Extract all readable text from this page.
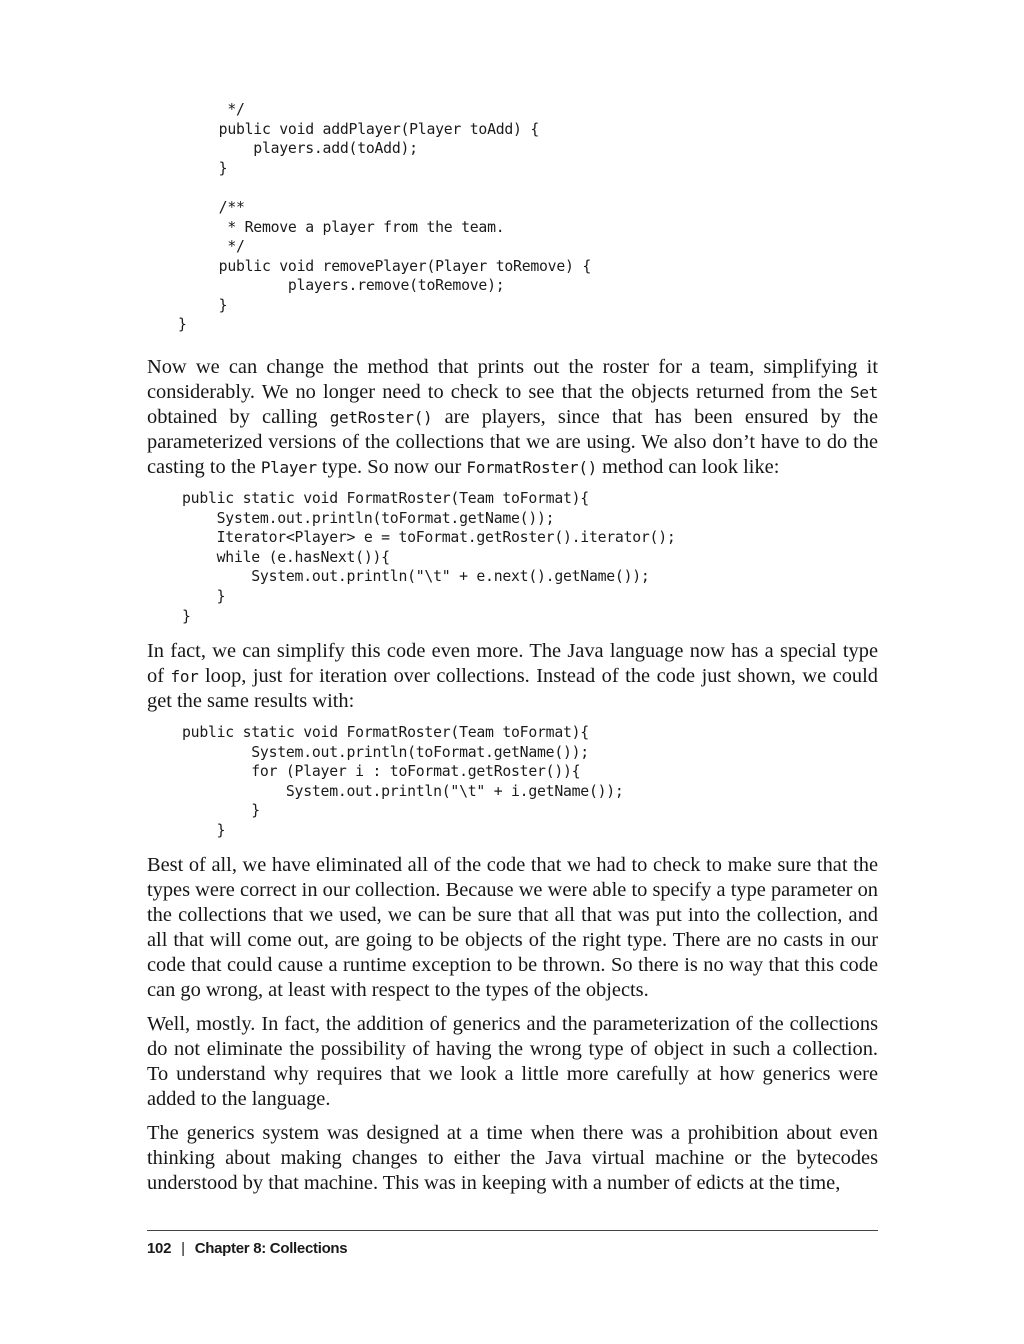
*/
public void addPlayer(Player toAdd) {
players.add(toAdd);
}
/**
* Remove a player from the team.
*/
public void removePlayer(Player toRemove) {
players.remove(toRemove);
}
}

Now we can change the method that prints out the roster for a team, simplifying it considerably. We no longer need to check to see that the objects returned from the Set obtained by calling getRoster() are players, since that has been ensured by the parameterized versions of the collections that we are using. We also don’t have to do the casting to the Player type. So now our FormatRoster() method can look like:

public static void FormatRoster(Team toFormat){
System.out.println(toFormat.getName());
Iterator<Player> e = toFormat.getRoster().iterator();
while (e.hasNext()){
System.out.println("\t" + e.next().getName());
}
}

In fact, we can simplify this code even more. The Java language now has a special type of for loop, just for iteration over collections. Instead of the code just shown, we could get the same results with:

public static void FormatRoster(Team toFormat){
System.out.println(toFormat.getName());
for (Player i : toFormat.getRoster()){
System.out.println("\t" + i.getName());
}
}

Best of all, we have eliminated all of the code that we had to check to make sure that the types were correct in our collection. Because we were able to specify a type parameter on the collections that we used, we can be sure that all that was put into the collection, and all that will come out, are going to be objects of the right type. There are no casts in our code that could cause a runtime exception to be thrown. So there is no way that this code can go wrong, at least with respect to the types of the objects.

Well, mostly. In fact, the addition of generics and the parameterization of the collections do not eliminate the possibility of having the wrong type of object in such a collection. To understand why requires that we look a little more carefully at how generics were added to the language.

The generics system was designed at a time when there was a prohibition about even thinking about making changes to either the Java virtual machine or the bytecodes understood by that machine. This was in keeping with a number of edicts at the time,

102 | Chapter 8: Collections
